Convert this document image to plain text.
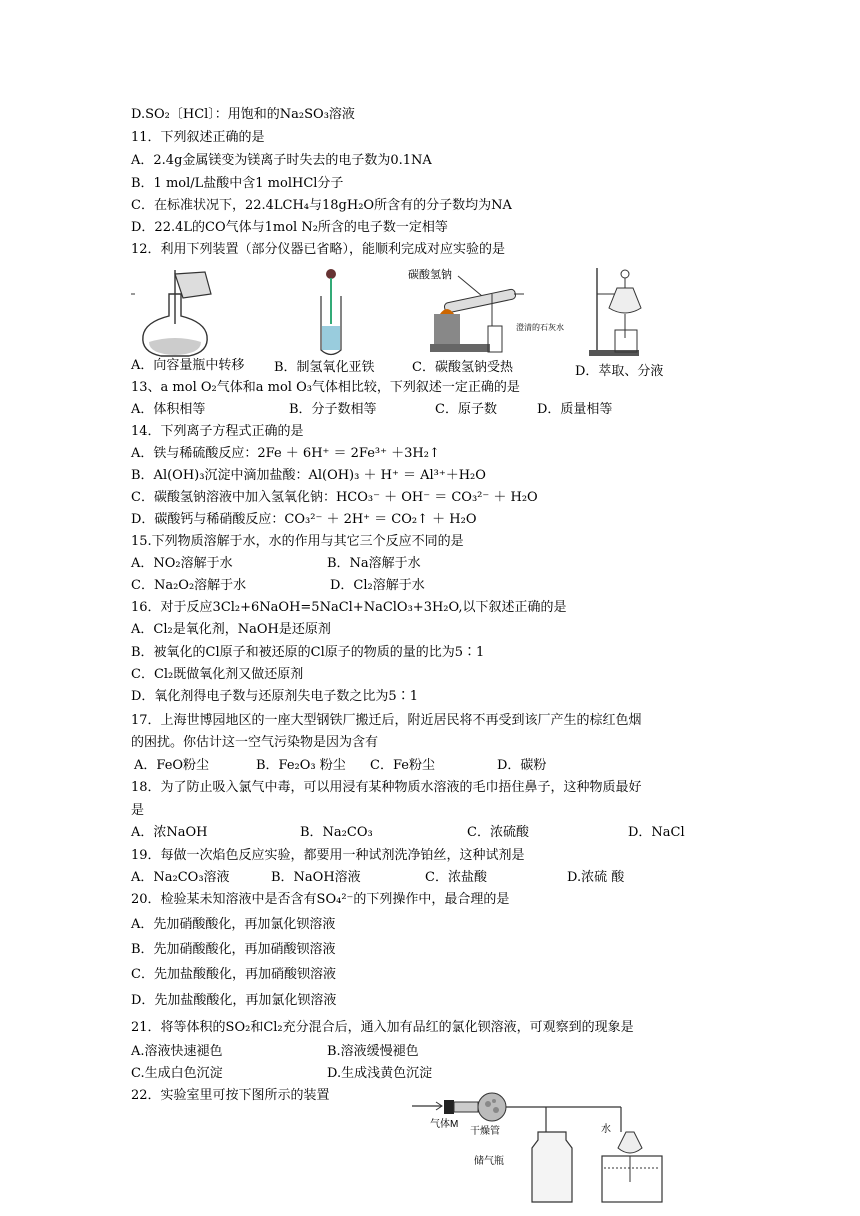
D.SO₂〔HCl〕：用饱和的Na₂SO₃溶液
11．下列叙述正确的是
A．2.4g金属镁变为镁离子时失去的电子数为0.1NA
B．1 mol/L盐酸中含1 molHCl分子
C．在标准状况下，22.4LCH₄与18gH₂O所含有的分子数均为NA
D．22.4L的CO气体与1mol N₂所含的电子数一定相等
12．利用下列装置（部分仪器已省略），能顺利完成对应实验的是
碳酸氢钠
澄清的石灰水
A．向容量瓶中转移 B．制氢氧化亚铁	C．碳酸氢钠受热	D．萃取、分液
13、a mol O₂气体和a mol O₃气体相比较，下列叙述一定正确的是
A．体积相等	B．分子数相等	C．原子数	D．质量相等
14．下列离子方程式正确的是
A．铁与稀硫酸反应：2Fe ＋ 6H⁺ ＝ 2Fe³⁺ ＋3H₂↑
B．Al(OH)₃沉淀中滴加盐酸：Al(OH)₃ ＋ H⁺ ＝ Al³⁺＋H₂O
C．碳酸氢钠溶液中加入氢氧化钠：HCO₃⁻ ＋ OH⁻ ＝ CO₃²⁻ ＋ H₂O
D．碳酸钙与稀硝酸反应：CO₃²⁻ ＋ 2H⁺ ＝ CO₂↑ ＋ H₂O
15.下列物质溶解于水，水的作用与其它三个反应不同的是
A．NO₂溶解于水	B．Na溶解于水
C．Na₂O₂溶解于水	D．Cl₂溶解于水
16．对于反应3Cl₂+6NaOH=5NaCl+NaClO₃+3H₂O,以下叙述正确的是
A．Cl₂是氧化剂，NaOH是还原剂
B．被氧化的Cl原子和被还原的Cl原子的物质的量的比为5∶1
C．Cl₂既做氧化剂又做还原剂
D．氧化剂得电子数与还原剂失电子数之比为5∶1
17．上海世博园地区的一座大型钢铁厂搬迁后，附近居民将不再受到该厂产生的棕红色烟
的困扰。你估计这一空气污染物是因为含有
A．FeO粉尘	B．Fe₂O₃ 粉尘 C．Fe粉尘	D．碳粉
18．为了防止吸入氯气中毒，可以用浸有某种物质水溶液的毛巾捂住鼻子，这种物质最好
是
A．浓NaOH	B．Na₂CO₃	C．浓硫酸	D．NaCl
19．每做一次焰色反应实验，都要用一种试剂洗净铂丝，这种试剂是
A．Na₂CO₃溶液	B．NaOH溶液	C．浓盐酸	D.浓硫 酸
20．检验某未知溶液中是否含有SO₄²⁻的下列操作中，最合理的是
A．先加硝酸酸化，再加氯化钡溶液
B．先加硝酸酸化，再加硝酸钡溶液
C．先加盐酸酸化，再加硝酸钡溶液
D．先加盐酸酸化，再加氯化钡溶液
21．将等体积的SO₂和Cl₂充分混合后，通入加有品红的氯化钡溶液，可观察到的现象是
A.溶液快速褪色	B.溶液缓慢褪色
C.生成白色沉淀	D.生成浅黄色沉淀
22．实验室里可按下图所示的装置
气体M
干燥管
储气瓶
水
